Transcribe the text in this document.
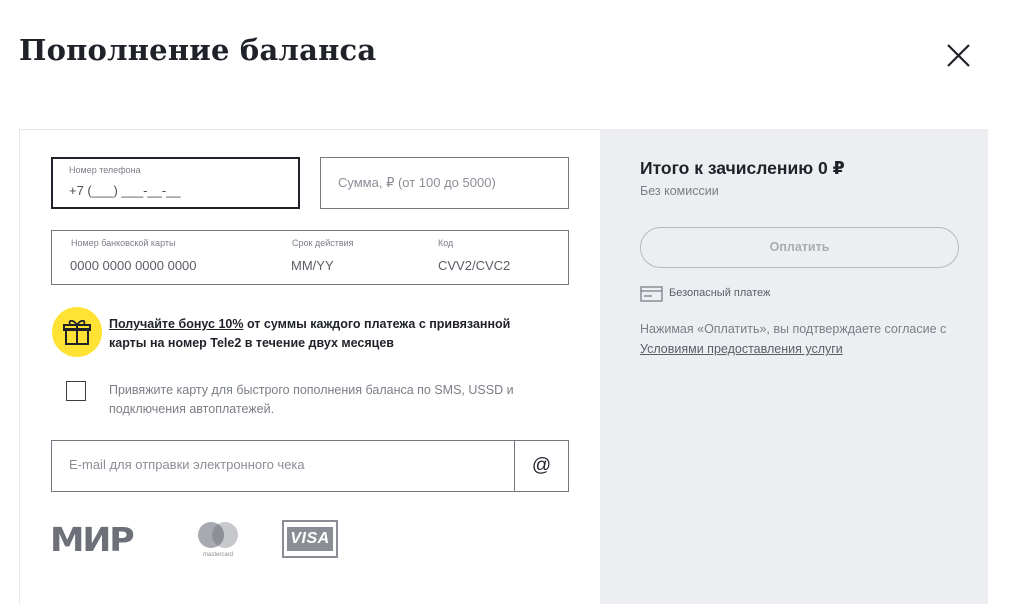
Пополнение баланса
Номер телефона
+7 (___) ___-__-__
Сумма, ₽ (от 100 до 5000)
Номер банковской карты
0000 0000 0000 0000
Срок действия
MM/YY
Код
CVV2/CVC2
Получайте бонус 10% от суммы каждого платежа с привязанной карты на номер Tele2 в течение двух месяцев
Привяжите карту для быстрого пополнения баланса по SMS, USSD и подключения автоплатежей.
E-mail для отправки электронного чека	@
МИР	mastercard
VISA
Итого к зачислению 0 ₽
Без комиссии
Оплатить
Безопасный платеж
Нажимая «Оплатить», вы подтверждаете согласие с Условиями предоставления услуги
